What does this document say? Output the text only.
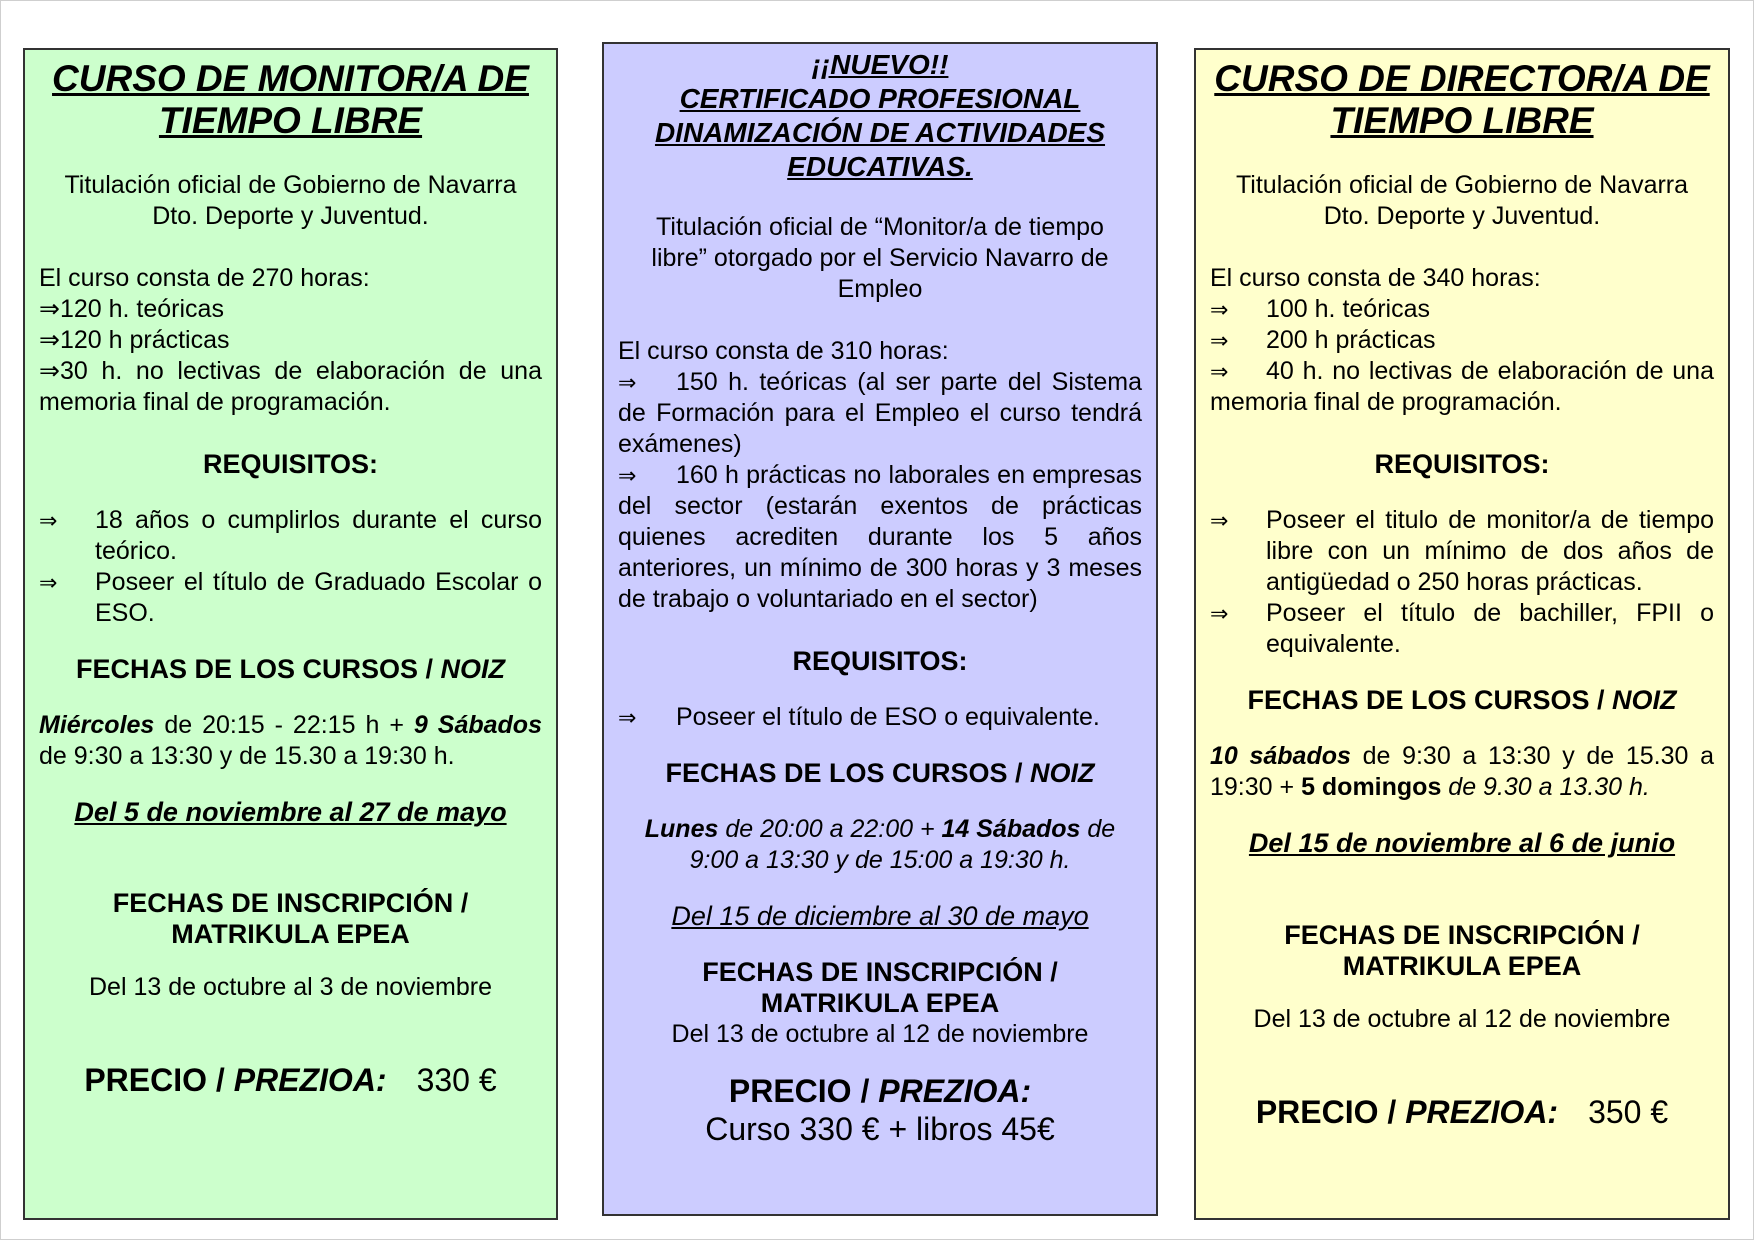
CURSO DE MONITOR/A DE
TIEMPO LIBRE

Titulación oficial de Gobierno de Navarra

Dto. Deporte y Juventud.

El curso consta de 270 horas:

⇒120 h. teóricas

⇒120 h prácticas

⇒30 h. no lectivas de elaboración de una memoria final de programación.

REQUISITOS:

⇒ 18 años o cumplirlos durante el curso teórico.

⇒ Poseer el título de Graduado Escolar o ESO.

FECHAS DE LOS CURSOS / NOIZ

Miércoles de 20:15 - 22:15 h + 9 Sábados de 9:30 a 13:30 y de 15.30 a 19:30 h.

Del 5 de noviembre al 27 de mayo

FECHAS DE INSCRIPCIÓN /

MATRIKULA EPEA

Del 13 de octubre al 3 de noviembre

PRECIO / PREZIOA: 330 €

¡¡NUEVO!!
CERTIFICADO PROFESIONAL
DINAMIZACIÓN DE ACTIVIDADES
EDUCATIVAS.

Titulación oficial de “Monitor/a de tiempo libre” otorgado por el Servicio Navarro de Empleo

El curso consta de 310 horas:

⇒ 150 h. teóricas (al ser parte del Sistema de Formación para el Empleo el curso tendrá exámenes)

⇒ 160 h prácticas no laborales en empresas del sector (estarán exentos de prácticas quienes acrediten durante los 5 años anteriores, un mínimo de 300 horas y 3 meses de trabajo o voluntariado en el sector)

REQUISITOS:

⇒ Poseer el título de ESO o equivalente.

FECHAS DE LOS CURSOS / NOIZ

Lunes de 20:00 a 22:00 + 14 Sábados de 9:00 a 13:30 y de 15:00 a 19:30 h.

Del 15 de diciembre al 30 de mayo

FECHAS DE INSCRIPCIÓN /

MATRIKULA EPEA

Del 13 de octubre al 12 de noviembre

PRECIO / PREZIOA:

Curso 330 € + libros 45€

CURSO DE DIRECTOR/A DE
TIEMPO LIBRE

Titulación oficial de Gobierno de Navarra

Dto. Deporte y Juventud.

El curso consta de 340 horas:

⇒ 100 h. teóricas

⇒ 200 h prácticas

⇒ 40 h. no lectivas de elaboración de una memoria final de programación.

REQUISITOS:

⇒ Poseer el titulo de monitor/a de tiempo libre con un mínimo de dos años de antigüedad o 250 horas prácticas.

⇒ Poseer el título de bachiller, FPII o equivalente.

FECHAS DE LOS CURSOS / NOIZ

10 sábados de 9:30 a 13:30 y de 15.30 a 19:30 + 5 domingos de 9.30 a 13.30 h.

Del 15 de noviembre al 6 de junio

FECHAS DE INSCRIPCIÓN /

MATRIKULA EPEA

Del 13 de octubre al 12 de noviembre

PRECIO / PREZIOA: 350 €
